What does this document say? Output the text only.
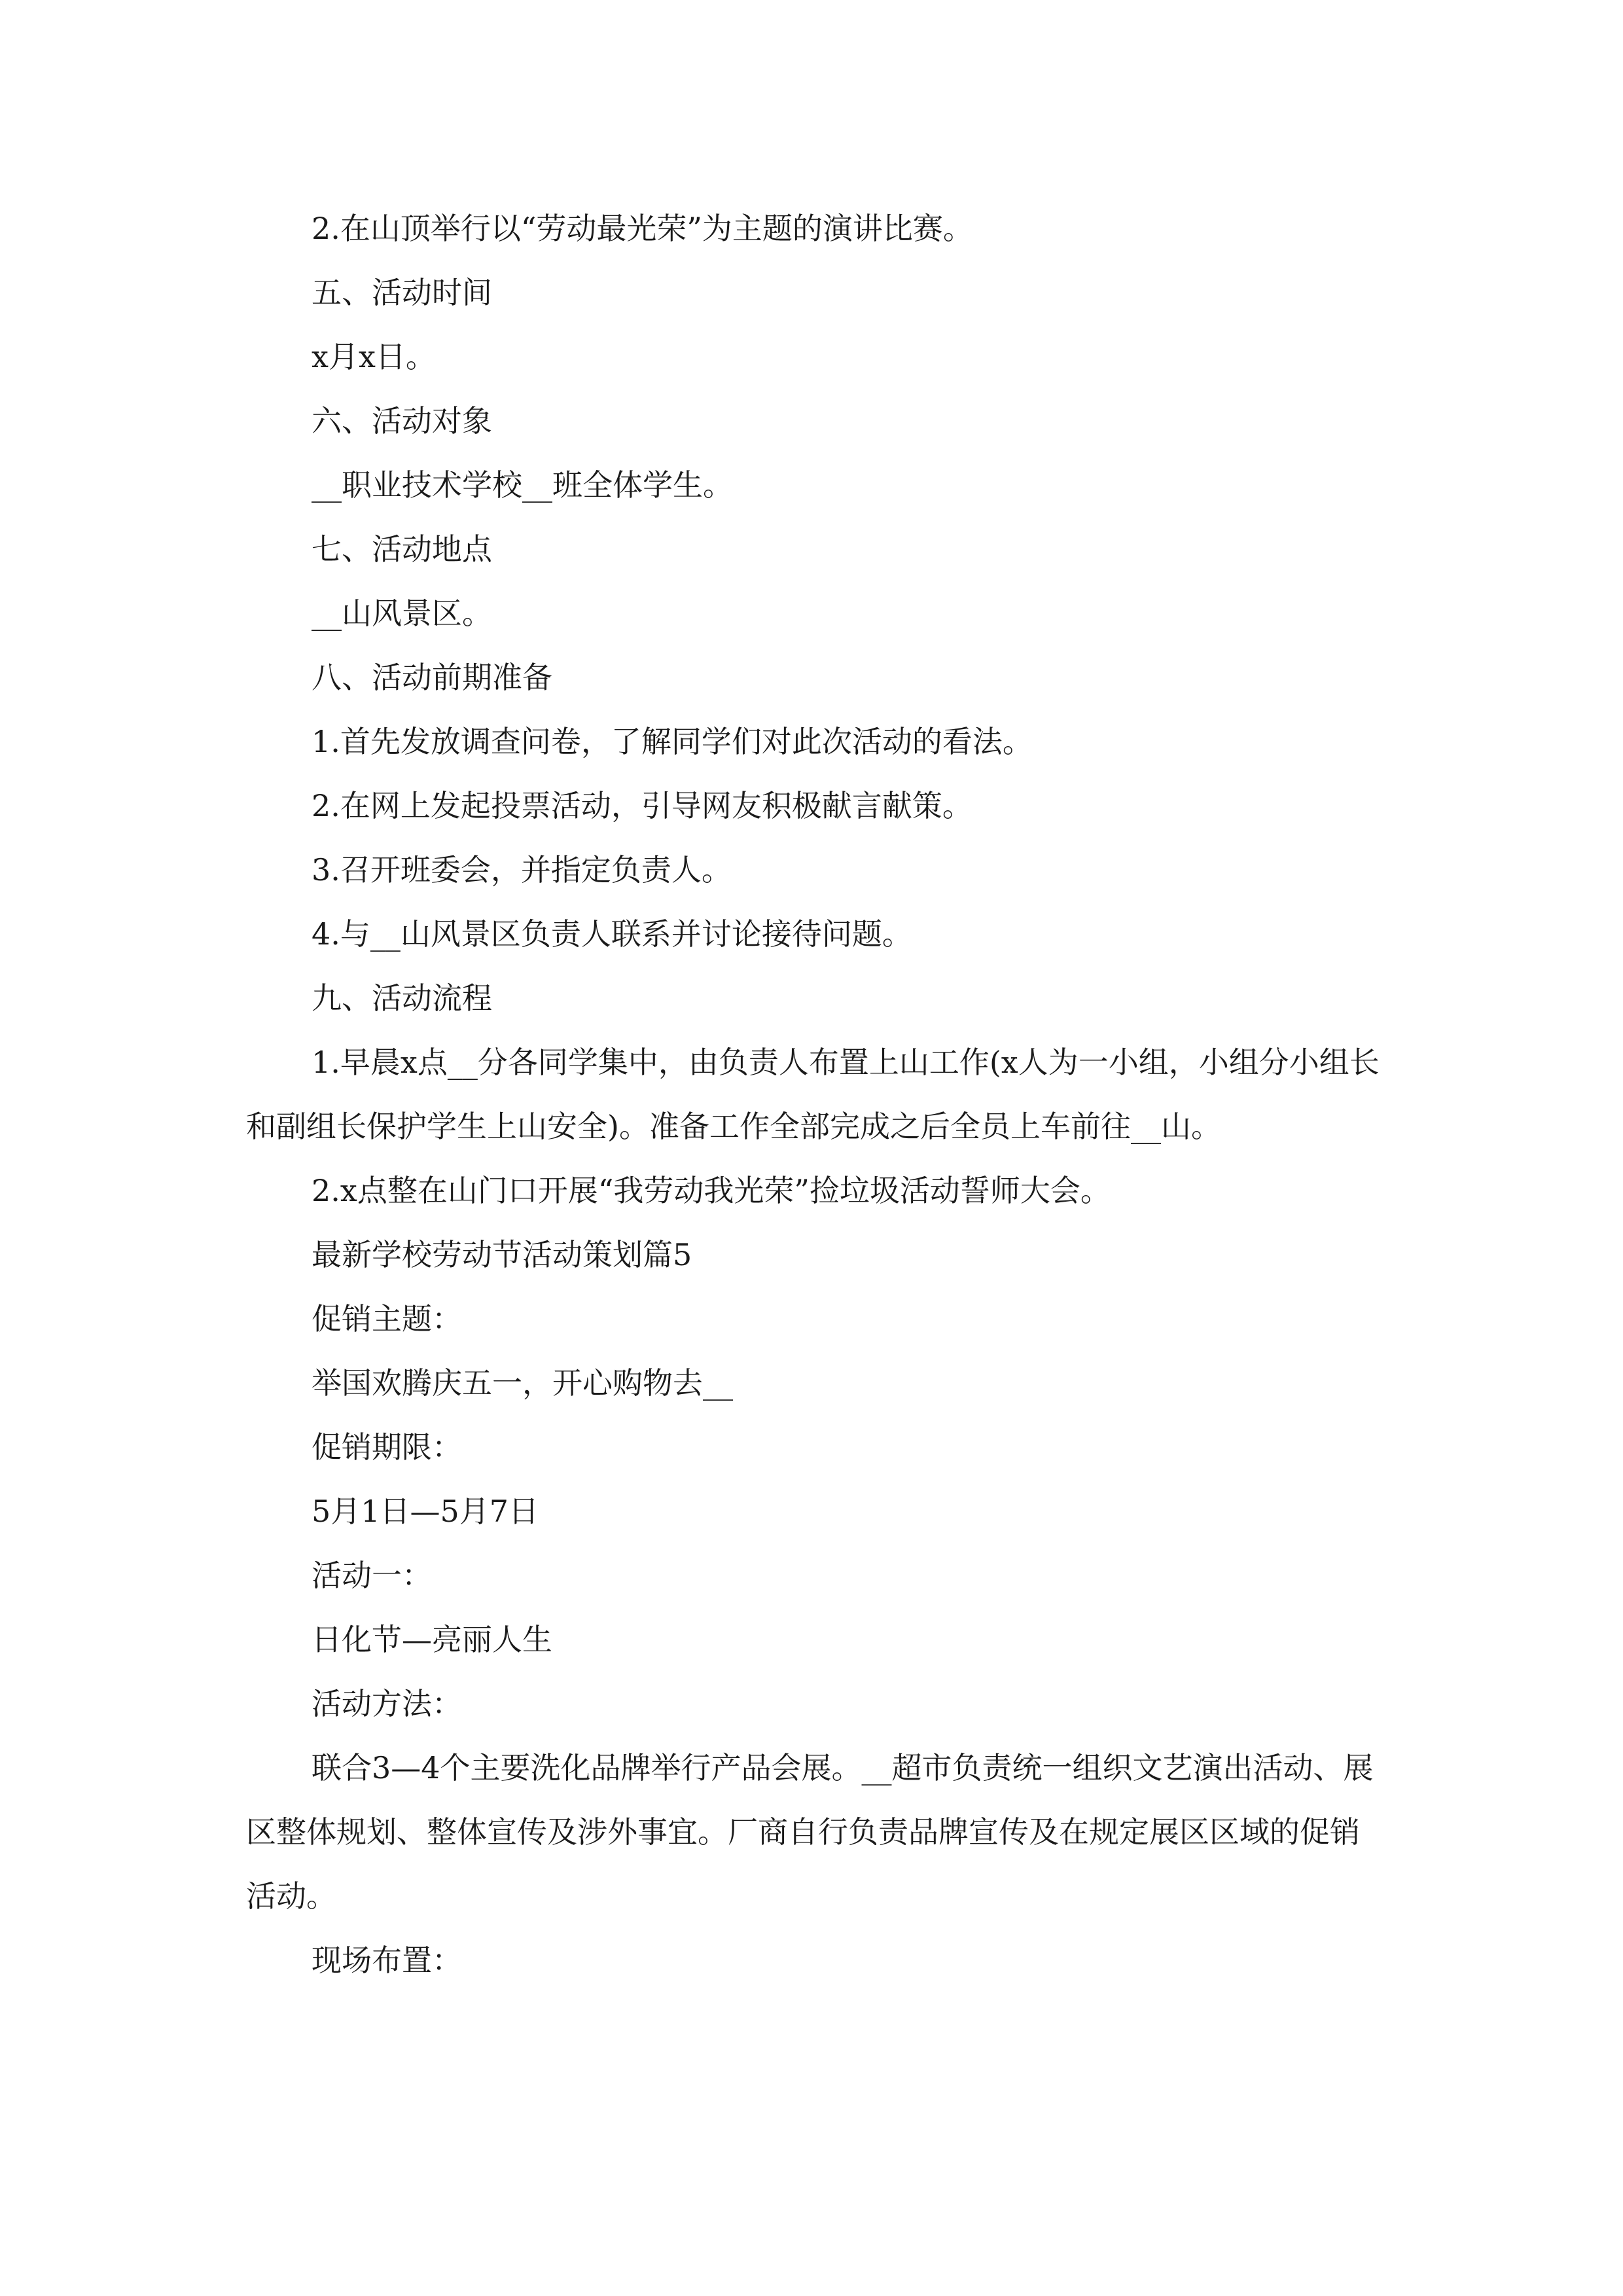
2.在山顶举行以“劳动最光荣”为主题的演讲比赛。

五、活动时间

x月x日。

六、活动对象

__职业技术学校__班全体学生。

七、活动地点

__山风景区。

八、活动前期准备

1.首先发放调查问卷，了解同学们对此次活动的看法。

2.在网上发起投票活动，引导网友积极献言献策。

3.召开班委会，并指定负责人。

4.与__山风景区负责人联系并讨论接待问题。

九、活动流程

1.早晨x点__分各同学集中，由负责人布置上山工作(x人为一小组，小组分小组长和副组长保护学生上山安全)。准备工作全部完成之后全员上车前往__山。

2.x点整在山门口开展“我劳动我光荣”捡垃圾活动誓师大会。

最新学校劳动节活动策划篇5

促销主题：

举国欢腾庆五一，开心购物去__

促销期限：

5月1日—5月7日

活动一：

日化节—亮丽人生

活动方法：

联合3—4个主要洗化品牌举行产品会展。__超市负责统一组织文艺演出活动、展区整体规划、整体宣传及涉外事宜。厂商自行负责品牌宣传及在规定展区区域的促销活动。

现场布置：
